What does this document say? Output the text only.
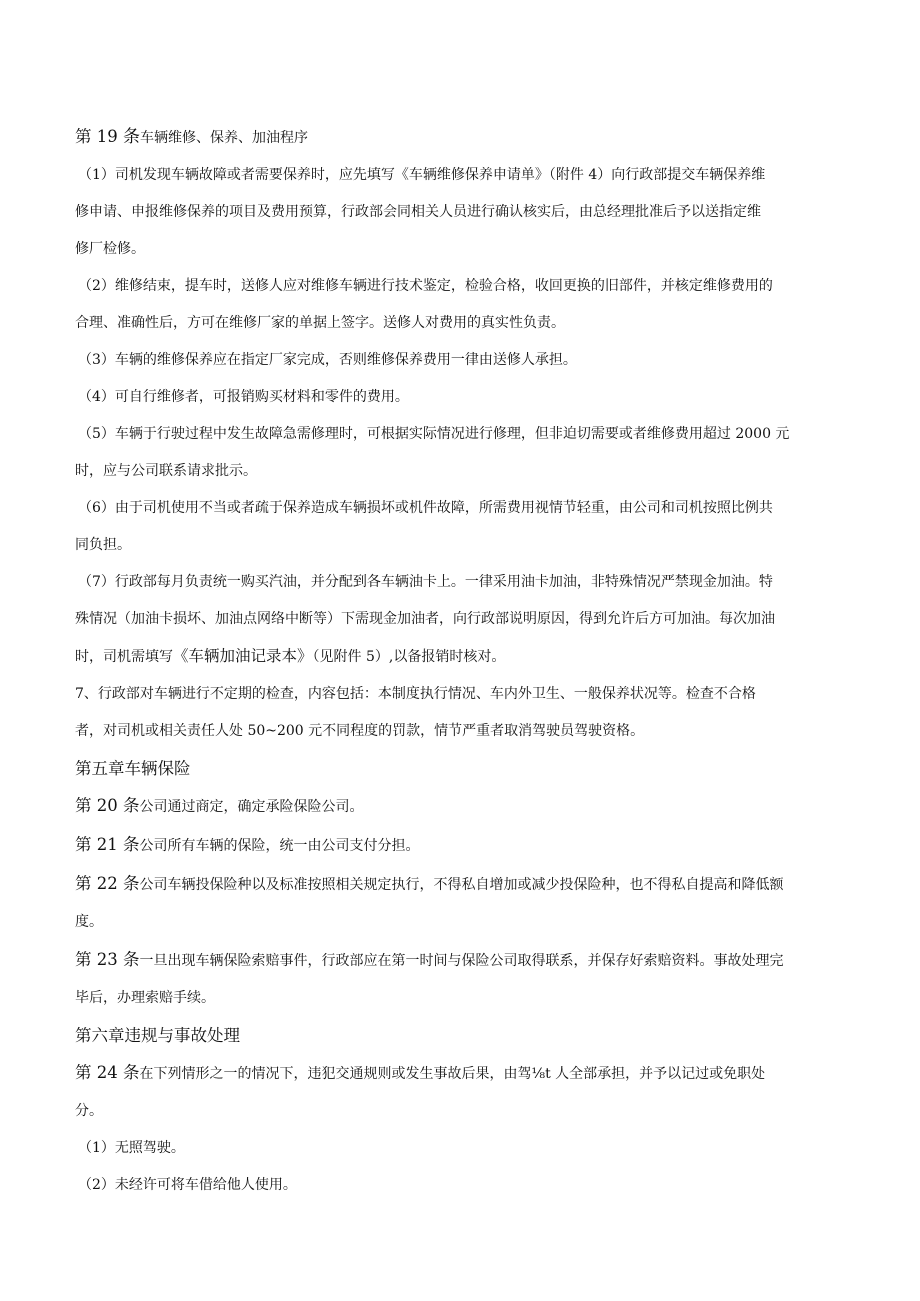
第 19 条车辆维修、保养、加油程序
（1）司机发现车辆故障或者需要保养时，应先填写《车辆维修保养申请单》（附件 4）向行政部提交车辆保养维
修申请、申报维修保养的项目及费用预算，行政部会同相关人员进行确认核实后，由总经理批准后予以送指定维
修厂检修。
（2）维修结束，提车时，送修人应对维修车辆进行技术鉴定，检验合格，收回更换的旧部件，并核定维修费用的
合理、准确性后，方可在维修厂家的单据上签字。送修人对费用的真实性负责。
（3）车辆的维修保养应在指定厂家完成，否则维修保养费用一律由送修人承担。
（4）可自行维修者，可报销购买材料和零件的费用。
（5）车辆于行驶过程中发生故障急需修理时，可根据实际情况进行修理，但非迫切需要或者维修费用超过 2000 元
时，应与公司联系请求批示。
（6）由于司机使用不当或者疏于保养造成车辆损坏或机件故障，所需费用视情节轻重，由公司和司机按照比例共
同负担。
（7）行政部每月负责统一购买汽油，并分配到各车辆油卡上。一律采用油卡加油，非特殊情况严禁现金加油。特
殊情况（加油卡损坏、加油点网络中断等）下需现金加油者，向行政部说明原因，得到允许后方可加油。每次加油
时，司机需填写《车辆加油记录本》（见附件 5）,以备报销时核对。
7、行政部对车辆进行不定期的检查，内容包括：本制度执行情况、车内外卫生、一般保养状况等。检查不合格
者，对司机或相关责任人处 50~200 元不同程度的罚款，情节严重者取消驾驶员驾驶资格。
第五章车辆保险
第 20 条公司通过商定，确定承险保险公司。
第 21 条公司所有车辆的保险，统一由公司支付分担。
第 22 条公司车辆投保险种以及标准按照相关规定执行，不得私自增加或减少投保险种，也不得私自提高和降低额
度。
第 23 条一旦出现车辆保险索赔事件，行政部应在第一时间与保险公司取得联系，并保存好索赔资料。事故处理完
毕后，办理索赔手续。
第六章违规与事故处理
第 24 条在下列情形之一的情况下，违犯交通规则或发生事故后果，由驾⅛t 人全部承担，并予以记过或免职处
分。
（1）无照驾驶。
（2）未经许可将车借给他人使用。
